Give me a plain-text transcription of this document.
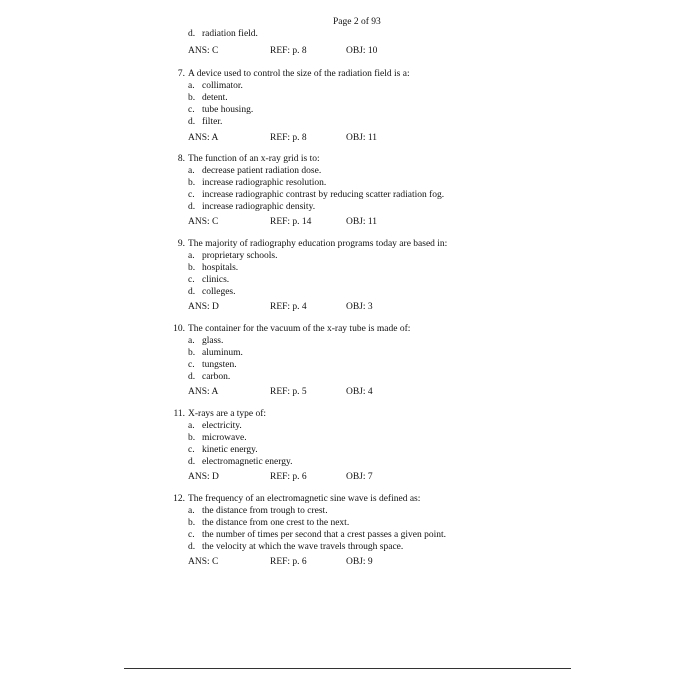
Page 2 of 93
d. radiation field.
ANS: C	REF: p. 8	OBJ: 10
7. A device used to control the size of the radiation field is a:
a. collimator.
b. detent.
c. tube housing.
d. filter.
ANS: A	REF: p. 8	OBJ: 11
8. The function of an x-ray grid is to:
a. decrease patient radiation dose.
b. increase radiographic resolution.
c. increase radiographic contrast by reducing scatter radiation fog.
d. increase radiographic density.
ANS: C	REF: p. 14	OBJ: 11
9. The majority of radiography education programs today are based in:
a. proprietary schools.
b. hospitals.
c. clinics.
d. colleges.
ANS: D	REF: p. 4	OBJ: 3
10. The container for the vacuum of the x-ray tube is made of:
a. glass.
b. aluminum.
c. tungsten.
d. carbon.
ANS: A	REF: p. 5	OBJ: 4
11. X-rays are a type of:
a. electricity.
b. microwave.
c. kinetic energy.
d. electromagnetic energy.
ANS: D	REF: p. 6	OBJ: 7
12. The frequency of an electromagnetic sine wave is defined as:
a. the distance from trough to crest.
b. the distance from one crest to the next.
c. the number of times per second that a crest passes a given point.
d. the velocity at which the wave travels through space.
ANS: C	REF: p. 6	OBJ: 9
